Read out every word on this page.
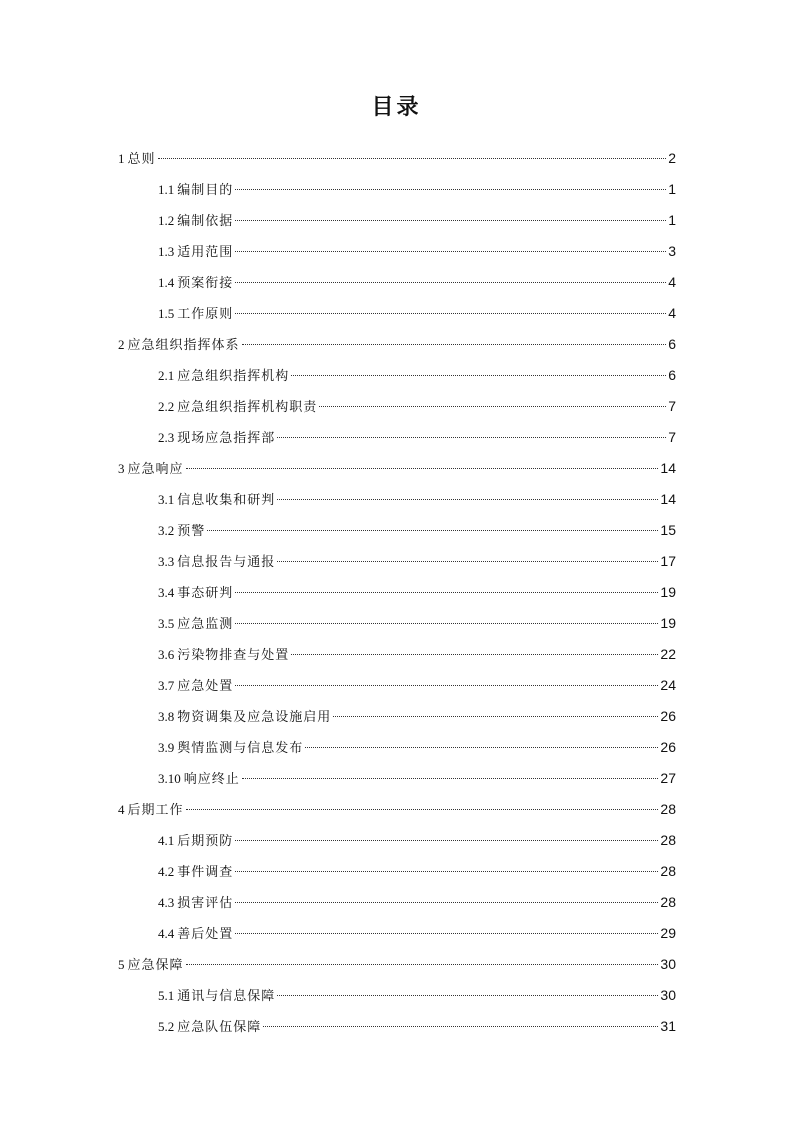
目录
1 总则	2
1.1 编制目的	1
1.2 编制依据	1
1.3 适用范围	3
1.4 预案衔接	4
1.5 工作原则	4
2 应急组织指挥体系	6
2.1 应急组织指挥机构	6
2.2 应急组织指挥机构职责	7
2.3 现场应急指挥部	7
3 应急响应	14
3.1 信息收集和研判	14
3.2 预警	15
3.3 信息报告与通报	17
3.4 事态研判	19
3.5 应急监测	19
3.6 污染物排查与处置	22
3.7 应急处置	24
3.8 物资调集及应急设施启用	26
3.9 舆情监测与信息发布	26
3.10 响应终止	27
4 后期工作	28
4.1 后期预防	28
4.2 事件调查	28
4.3 损害评估	28
4.4 善后处置	29
5 应急保障	30
5.1 通讯与信息保障	30
5.2 应急队伍保障	31
